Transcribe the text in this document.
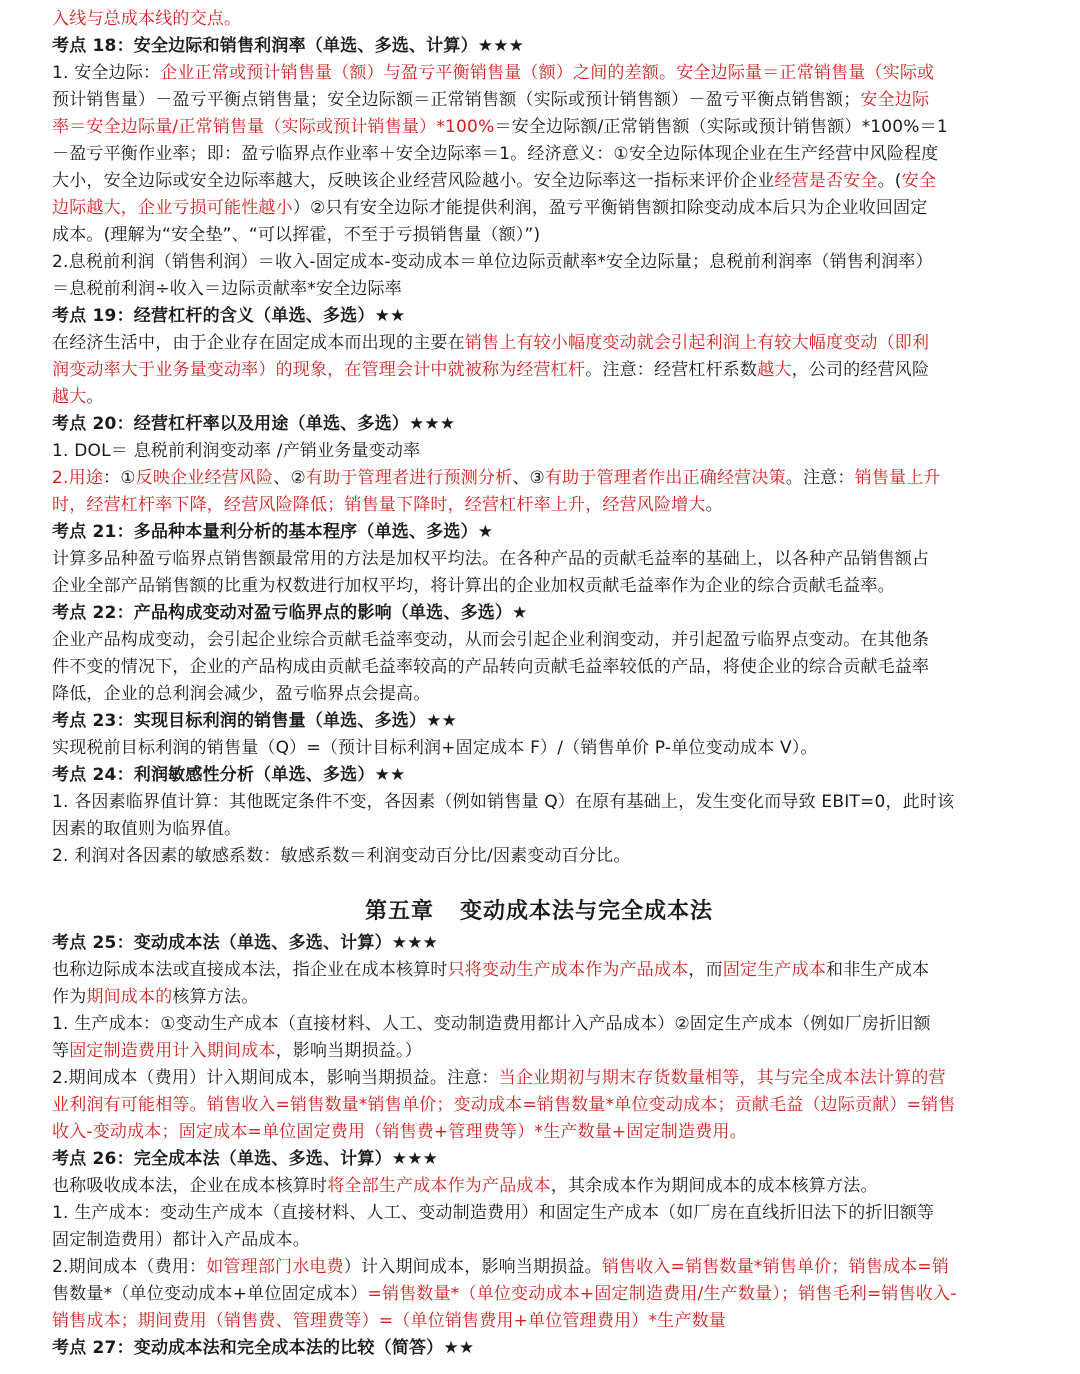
入线与总成本线的交点。
考点 18：安全边际和销售利润率（单选、多选、计算）★★★
1. 安全边际：企业正常或预计销售量（额）与盈亏平衡销售量（额）之间的差额。安全边际量＝正常销售量（实际或
预计销售量）－盈亏平衡点销售量；安全边际额＝正常销售额（实际或预计销售额）－盈亏平衡点销售额；安全边际
率＝安全边际量/正常销售量（实际或预计销售量）*100%＝安全边际额/正常销售额（实际或预计销售额）*100%＝1
－盈亏平衡作业率；即：盈亏临界点作业率＋安全边际率＝1。经济意义：①安全边际体现企业在生产经营中风险程度
大小，安全边际或安全边际率越大，反映该企业经营风险越小。安全边际率这一指标来评价企业经营是否安全。(安全
边际越大，企业亏损可能性越小）②只有安全边际才能提供利润，盈亏平衡销售额扣除变动成本后只为企业收回固定
成本。(理解为“安全垫”、“可以挥霍，不至于亏损销售量（额）”)
2.息税前利润（销售利润）＝收入-固定成本-变动成本＝单位边际贡献率*安全边际量；息税前利润率（销售利润率）
＝息税前利润÷收入＝边际贡献率*安全边际率
考点 19：经营杠杆的含义（单选、多选）★★
在经济生活中，由于企业存在固定成本而出现的主要在销售上有较小幅度变动就会引起利润上有较大幅度变动（即利
润变动率大于业务量变动率）的现象，在管理会计中就被称为经营杠杆。注意：经营杠杆系数越大，公司的经营风险
越大。
考点 20：经营杠杆率以及用途（单选、多选）★★★
1. DOL＝ 息税前利润变动率 /产销业务量变动率
2.用途：①反映企业经营风险、②有助于管理者进行预测分析、③有助于管理者作出正确经营决策。注意：销售量上升
时，经营杠杆率下降，经营风险降低；销售量下降时，经营杠杆率上升，经营风险增大。
考点 21：多品种本量利分析的基本程序（单选、多选）★
计算多品种盈亏临界点销售额最常用的方法是加权平均法。在各种产品的贡献毛益率的基础上，以各种产品销售额占
企业全部产品销售额的比重为权数进行加权平均，将计算出的企业加权贡献毛益率作为企业的综合贡献毛益率。
考点 22：产品构成变动对盈亏临界点的影响（单选、多选）★
企业产品构成变动，会引起企业综合贡献毛益率变动，从而会引起企业利润变动，并引起盈亏临界点变动。在其他条
件不变的情况下，企业的产品构成由贡献毛益率较高的产品转向贡献毛益率较低的产品，将使企业的综合贡献毛益率
降低，企业的总利润会减少，盈亏临界点会提高。
考点 23：实现目标利润的销售量（单选、多选）★★
实现税前目标利润的销售量（Q）=（预计目标利润+固定成本 F）/（销售单价 P-单位变动成本 V）。
考点 24：利润敏感性分析（单选、多选）★★
1. 各因素临界值计算：其他既定条件不变，各因素（例如销售量 Q）在原有基础上，发生变化而导致 EBIT=0，此时该
因素的取值则为临界值。
2. 利润对各因素的敏感系数：敏感系数＝利润变动百分比/因素变动百分比。
第五章 变动成本法与完全成本法
考点 25：变动成本法（单选、多选、计算）★★★
也称边际成本法或直接成本法，指企业在成本核算时只将变动生产成本作为产品成本，而固定生产成本和非生产成本
作为期间成本的核算方法。
1. 生产成本：①变动生产成本（直接材料、人工、变动制造费用都计入产品成本）②固定生产成本（例如厂房折旧额
等固定制造费用计入期间成本，影响当期损益。）
2.期间成本（费用）计入期间成本，影响当期损益。注意：当企业期初与期末存货数量相等，其与完全成本法计算的营
业利润有可能相等。销售收入=销售数量*销售单价；变动成本=销售数量*单位变动成本；贡献毛益（边际贡献）=销售
收入-变动成本；固定成本=单位固定费用（销售费+管理费等）*生产数量+固定制造费用。
考点 26：完全成本法（单选、多选、计算）★★★
也称吸收成本法，企业在成本核算时将全部生产成本作为产品成本，其余成本作为期间成本的成本核算方法。
1. 生产成本：变动生产成本（直接材料、人工、变动制造费用）和固定生产成本（如厂房在直线折旧法下的折旧额等
固定制造费用）都计入产品成本。
2.期间成本（费用：如管理部门水电费）计入期间成本，影响当期损益。销售收入=销售数量*销售单价；销售成本=销
售数量*（单位变动成本+单位固定成本）=销售数量*（单位变动成本+固定制造费用/生产数量）；销售毛利=销售收入-
销售成本；期间费用（销售费、管理费等）=（单位销售费用+单位管理费用）*生产数量
考点 27：变动成本法和完全成本法的比较（简答）★★
